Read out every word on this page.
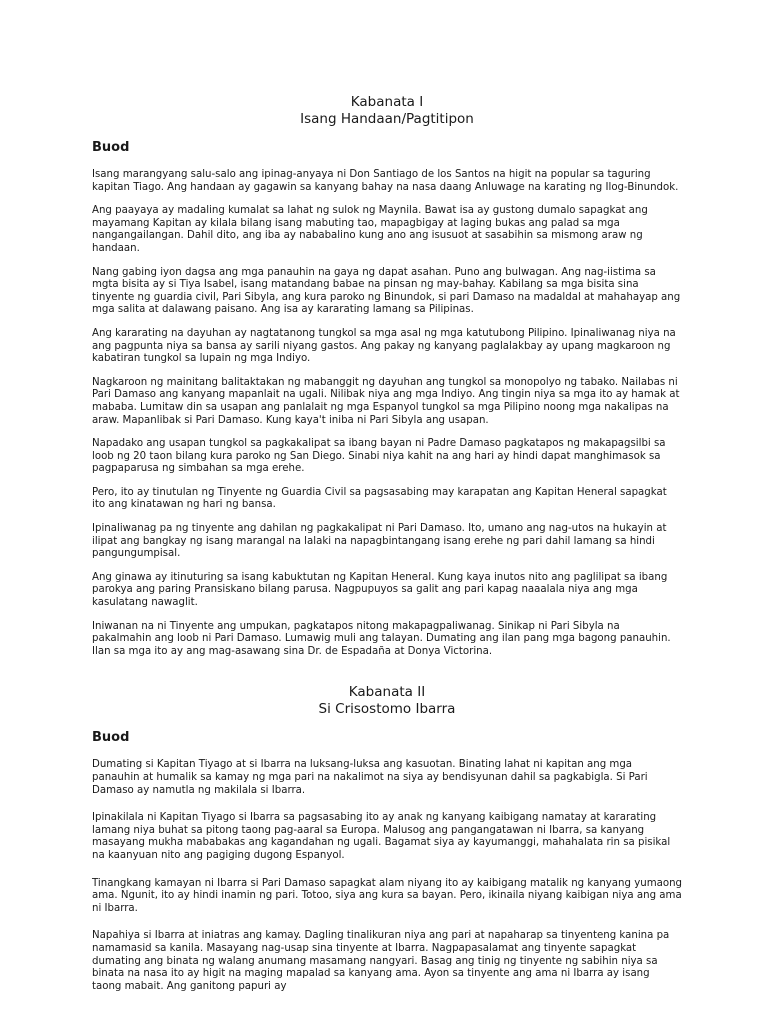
Kabanata I
Isang Handaan/Pagtitipon
Buod

Isang marangyang salu-salo ang ipinag-anyaya ni Don Santiago de los Santos na higit na popular sa taguring kapitan Tiago. Ang handaan ay gagawin sa kanyang bahay na nasa daang Anluwage na karating ng Ilog-Binundok.

Ang paayaya ay madaling kumalat sa lahat ng sulok ng Maynila. Bawat isa ay gustong dumalo sapagkat ang mayamang Kapitan ay kilala bilang isang mabuting tao, mapagbigay at laging bukas ang palad sa mga nangangailangan. Dahil dito, ang iba ay nababalino kung ano ang isusuot at sasabihin sa mismong araw ng handaan.

Nang gabing iyon dagsa ang mga panauhin na gaya ng dapat asahan. Puno ang bulwagan. Ang nag-iistima sa mgta bisita ay si Tiya Isabel, isang matandang babae na pinsan ng may-bahay. Kabilang sa mga bisita sina tinyente ng guardia civil, Pari Sibyla, ang kura paroko ng Binundok, si pari Damaso na madaldal at mahahayap ang mga salita at dalawang paisano. Ang isa ay kararating lamang sa Pilipinas.

Ang kararating na dayuhan ay nagtatanong tungkol sa mga asal ng mga katutubong Pilipino. Ipinaliwanag niya na ang pagpunta niya sa bansa ay sarili niyang gastos. Ang pakay ng kanyang paglalakbay ay upang magkaroon ng kabatiran tungkol sa lupain ng mga Indiyo.

Nagkaroon ng mainitang balitaktakan ng mabanggit ng dayuhan ang tungkol sa monopolyo ng tabako. Nailabas ni Pari Damaso ang kanyang mapanlait na ugali. Nilibak niya ang mga Indiyo. Ang tingin niya sa mga ito ay hamak at mababa. Lumitaw din sa usapan ang panlalait ng mga Espanyol tungkol sa mga Pilipino noong mga nakalipas na araw. Mapanlibak si Pari Damaso. Kung kaya't iniba ni Pari Sibyla ang usapan.

Napadako ang usapan tungkol sa pagkakalipat sa ibang bayan ni Padre Damaso pagkatapos ng makapagsilbi sa loob ng 20 taon bilang kura paroko ng San Diego. Sinabi niya kahit na ang hari ay hindi dapat manghimasok sa pagpaparusa ng simbahan sa mga erehe.

Pero, ito ay tinutulan ng Tinyente ng Guardia Civil sa pagsasabing may karapatan ang Kapitan Heneral sapagkat ito ang kinatawan ng hari ng bansa.

Ipinaliwanag pa ng tinyente ang dahilan ng pagkakalipat ni Pari Damaso. Ito, umano ang nag-utos na hukayin at ilipat ang bangkay ng isang marangal na lalaki na napagbintangang isang erehe ng pari dahil lamang sa hindi pangungumpisal.

Ang ginawa ay itinuturing sa isang kabuktutan ng Kapitan Heneral. Kung kaya inutos nito ang paglilipat sa ibang parokya ang paring Pransiskano bilang parusa. Nagpupuyos sa galit ang pari kapag naaalala niya ang mga kasulatang nawaglit.

Iniwanan na ni Tinyente ang umpukan, pagkatapos nitong makapagpaliwanag. Sinikap ni Pari Sibyla na pakalmahin ang loob ni Pari Damaso. Lumawig muli ang talayan. Dumating ang ilan pang mga bagong panauhin. Ilan sa mga ito ay ang mag-asawang sina Dr. de Espadaña at Donya Victorina.

Kabanata II
Si Crisostomo Ibarra
Buod

Dumating si Kapitan Tiyago at si Ibarra na luksang-luksa ang kasuotan. Binating lahat ni kapitan ang mga panauhin at humalik sa kamay ng mga pari na nakalimot na siya ay bendisyunan dahil sa pagkabigla. Si Pari Damaso ay namutla ng makilala si Ibarra.

Ipinakilala ni Kapitan Tiyago si Ibarra sa pagsasabing ito ay anak ng kanyang kaibigang namatay at kararating lamang niya buhat sa pitong taong pag-aaral sa Europa. Malusog ang pangangatawan ni Ibarra, sa kanyang masayang mukha mababakas ang kagandahan ng ugali. Bagamat siya ay kayumanggi, mahahalata rin sa pisikal na kaanyuan nito ang pagiging dugong Espanyol.

Tinangkang kamayan ni Ibarra si Pari Damaso sapagkat alam niyang ito ay kaibigang matalik ng kanyang yumaong ama. Ngunit, ito ay hindi inamin ng pari. Totoo, siya ang kura sa bayan. Pero, ikinaila niyang kaibigan niya ang ama ni Ibarra.

Napahiya si Ibarra at iniatras ang kamay. Dagling tinalikuran niya ang pari at napaharap sa tinyenteng kanina pa namamasid sa kanila. Masayang nag-usap sina tinyente at Ibarra. Nagpapasalamat ang tinyente sapagkat dumating ang binata ng walang anumang masamang nangyari. Basag ang tinig ng tinyente ng sabihin niya sa binata na nasa ito ay higit na maging mapalad sa kanyang ama. Ayon sa tinyente ang ama ni Ibarra ay isang taong mabait. Ang ganitong papuri ay
